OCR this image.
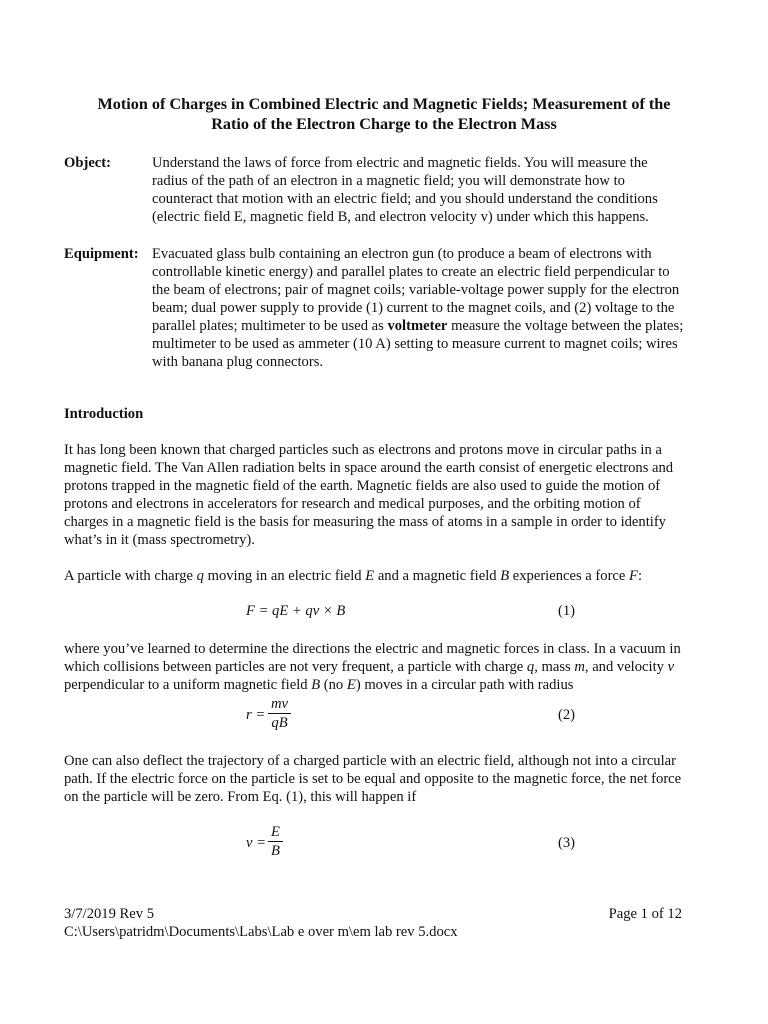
Motion of Charges in Combined Electric and Magnetic Fields; Measurement of the
Ratio of the Electron Charge to the Electron Mass
Object:	Understand the laws of force from electric and magnetic fields. You will measure the
radius of the path of an electron in a magnetic field; you will demonstrate how to
counteract that motion with an electric field; and you should understand the conditions
(electric field E, magnetic field B, and electron velocity v) under which this happens.
Equipment: Evacuated glass bulb containing an electron gun (to produce a beam of electrons with
controllable kinetic energy) and parallel plates to create an electric field perpendicular to
the beam of electrons; pair of magnet coils; variable-voltage power supply for the electron
beam; dual power supply to provide (1) current to the magnet coils, and (2) voltage to the
parallel plates; multimeter to be used as voltmeter measure the voltage between the plates;
multimeter to be used as ammeter (10 A) setting to measure current to magnet coils; wires
with banana plug connectors.
Introduction
It has long been known that charged particles such as electrons and protons move in circular paths in a
magnetic field. The Van Allen radiation belts in space around the earth consist of energetic electrons and
protons trapped in the magnetic field of the earth. Magnetic fields are also used to guide the motion of
protons and electrons in accelerators for research and medical purposes, and the orbiting motion of
charges in a magnetic field is the basis for measuring the mass of atoms in a sample in order to identify
what’s in it (mass spectrometry).
A particle with charge q moving in an electric field E and a magnetic field B experiences a force F:
F = qE + qv × B	(1)
where you’ve learned to determine the directions the electric and magnetic forces in class. In a vacuum in
which collisions between particles are not very frequent, a particle with charge q, mass m, and velocity v
perpendicular to a uniform magnetic field B (no E) moves in a circular path with radius
$r = \frac{mv}{qB}$	(2)
One can also deflect the trajectory of a charged particle with an electric field, although not into a circular
path. If the electric force on the particle is set to be equal and opposite to the magnetic force, the net force
on the particle will be zero. From Eq. (1), this will happen if
$v = \frac{E}{B}$	(3)
3/7/2019 Rev 5	Page 1 of 12
C:\Users\patridm\Documents\Labs\Lab e over m\em lab rev 5.docx
